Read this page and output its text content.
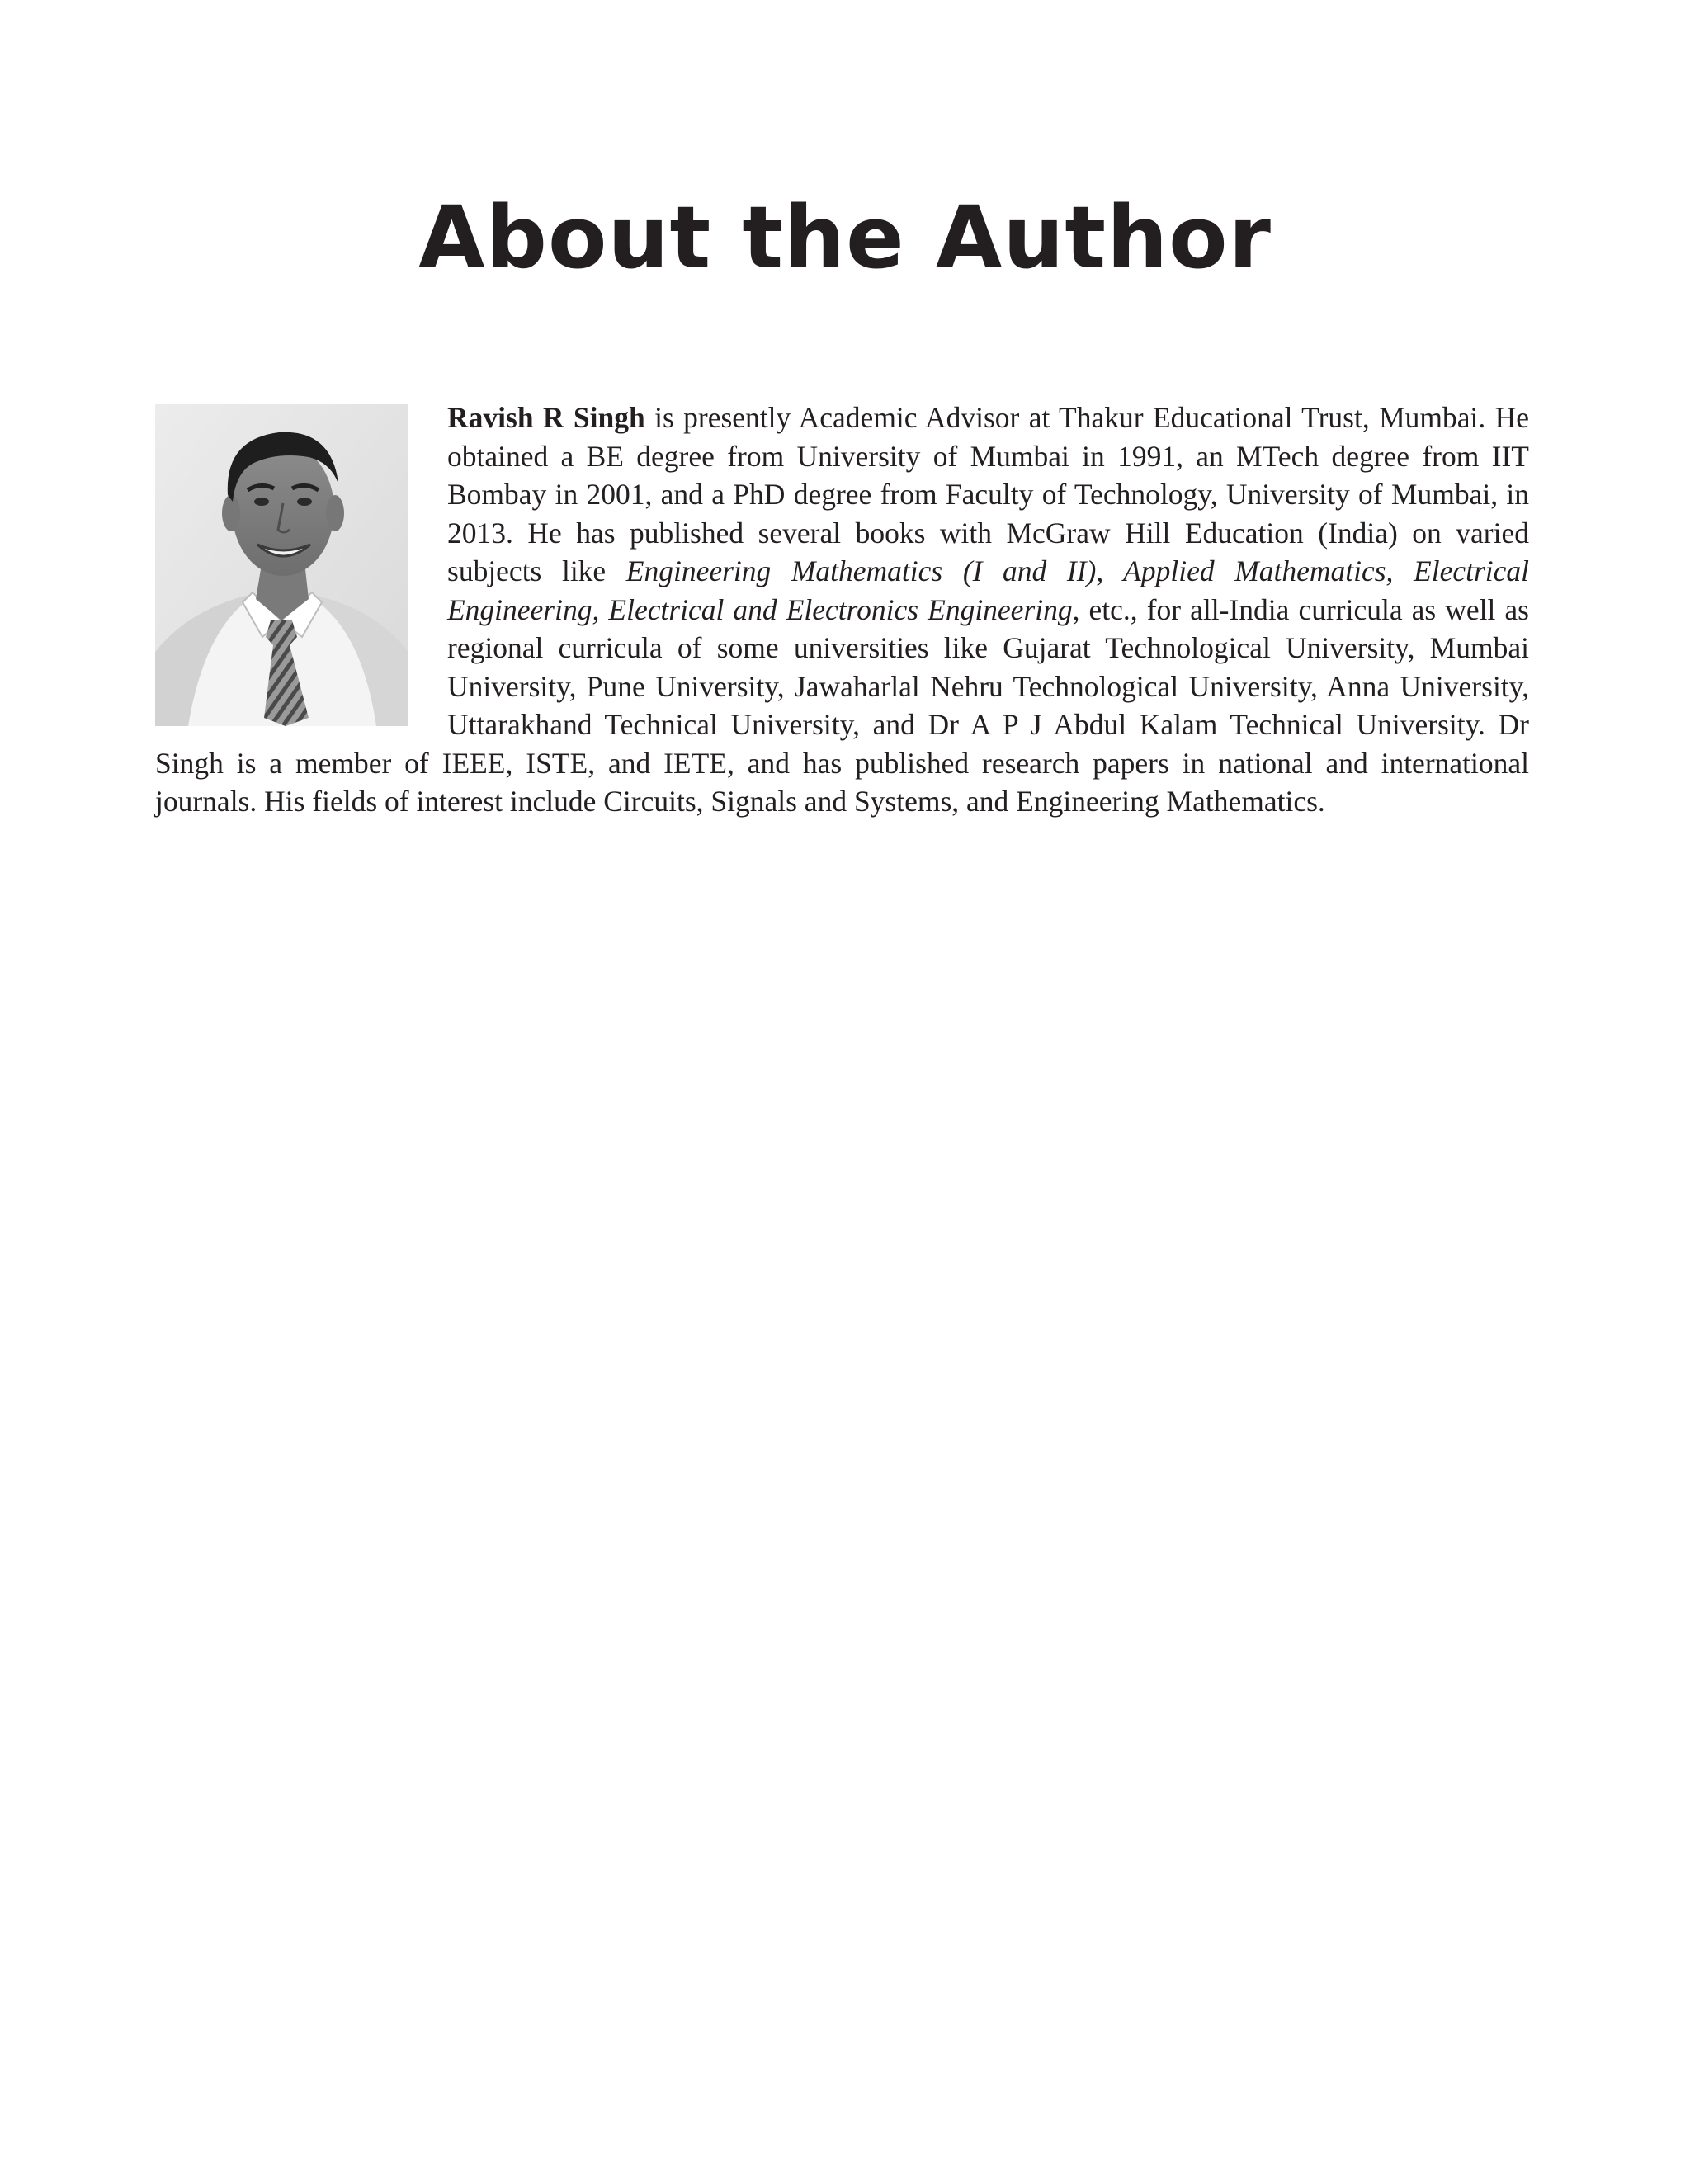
About the Author
Ravish R Singh is presently Academic Advisor at Thakur Educational Trust, Mumbai. He obtained a BE degree from University of Mumbai in 1991, an MTech degree from IIT Bombay in 2001, and a PhD degree from Faculty of Technology, University of Mumbai, in 2013. He has published several books with McGraw Hill Education (India) on varied subjects like Engineering Mathematics (I and II), Applied Mathematics, Electrical Engineering, Electrical and Electronics Engineering, etc., for all-India curricula as well as regional curricula of some universities like Gujarat Technological University, Mumbai University, Pune University, Jawaharlal Nehru Technological University, Anna University, Uttarakhand Technical University, and Dr A P J Abdul Kalam Technical University. Dr Singh is a member of IEEE, ISTE, and IETE, and has published research papers in national and international journals. His fields of interest include Circuits, Signals and Systems, and Engineering Mathematics.
